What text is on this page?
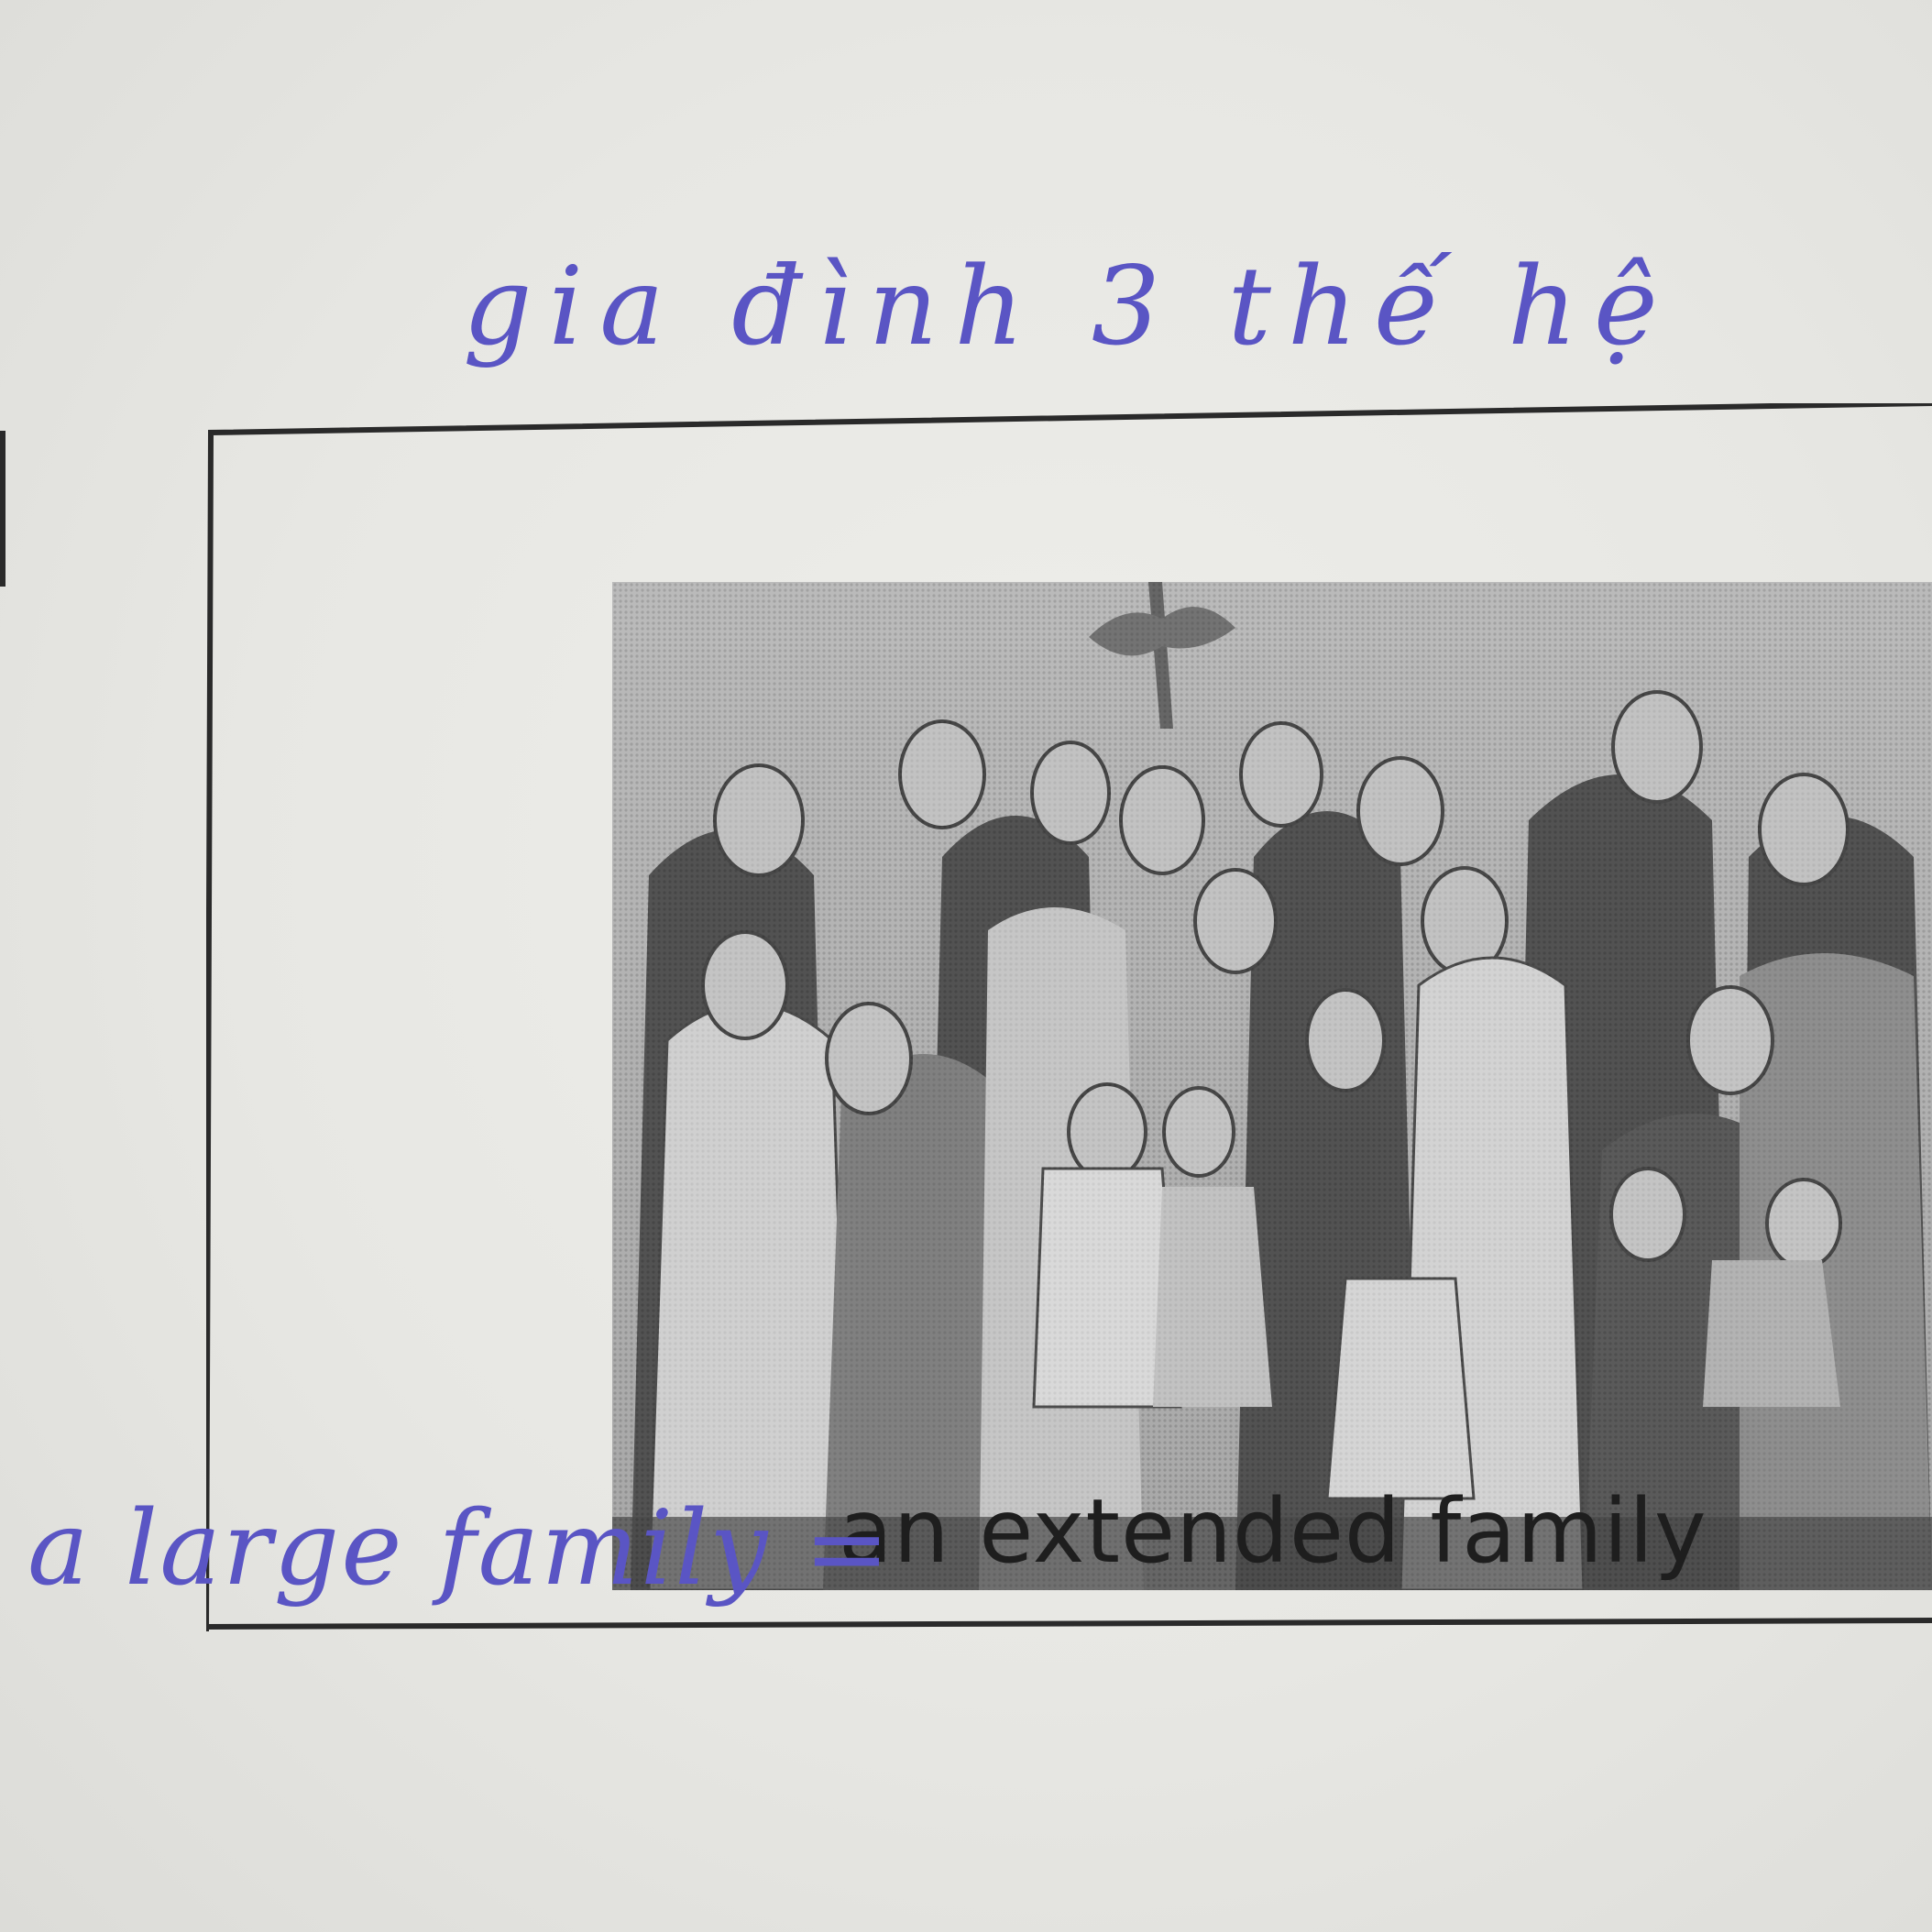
gia đình 3 thế hệ
an extended family
a large family =
